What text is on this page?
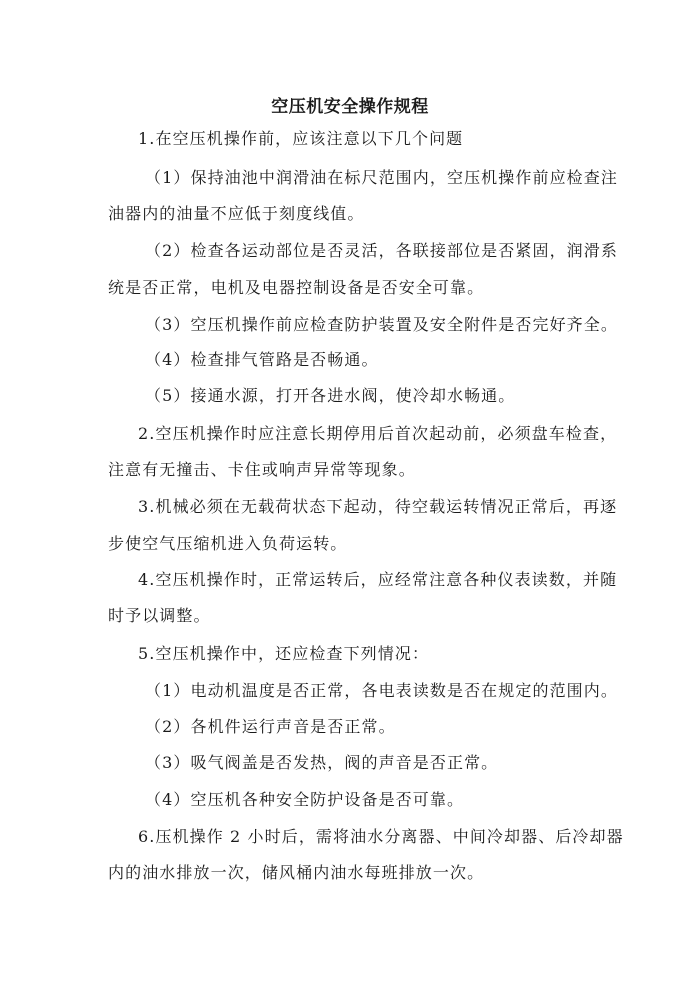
空压机安全操作规程

1.在空压机操作前，应该注意以下几个问题

（1）保持油池中润滑油在标尺范围内，空压机操作前应检查注

油器内的油量不应低于刻度线值。

（2）检查各运动部位是否灵活，各联接部位是否紧固，润滑系

统是否正常，电机及电器控制设备是否安全可靠。

（3）空压机操作前应检查防护装置及安全附件是否完好齐全。

（4）检查排气管路是否畅通。

（5）接通水源，打开各进水阀，使冷却水畅通。

2.空压机操作时应注意长期停用后首次起动前，必须盘车检查，

注意有无撞击、卡住或响声异常等现象。

3.机械必须在无载荷状态下起动，待空载运转情况正常后，再逐

步使空气压缩机进入负荷运转。

4.空压机操作时，正常运转后，应经常注意各种仪表读数，并随

时予以调整。

5.空压机操作中，还应检查下列情况：

（1）电动机温度是否正常，各电表读数是否在规定的范围内。

（2）各机件运行声音是否正常。

（3）吸气阀盖是否发热，阀的声音是否正常。

（4）空压机各种安全防护设备是否可靠。

6.压机操作 2 小时后，需将油水分离器、中间冷却器、后冷却器

内的油水排放一次，储风桶内油水每班排放一次。
